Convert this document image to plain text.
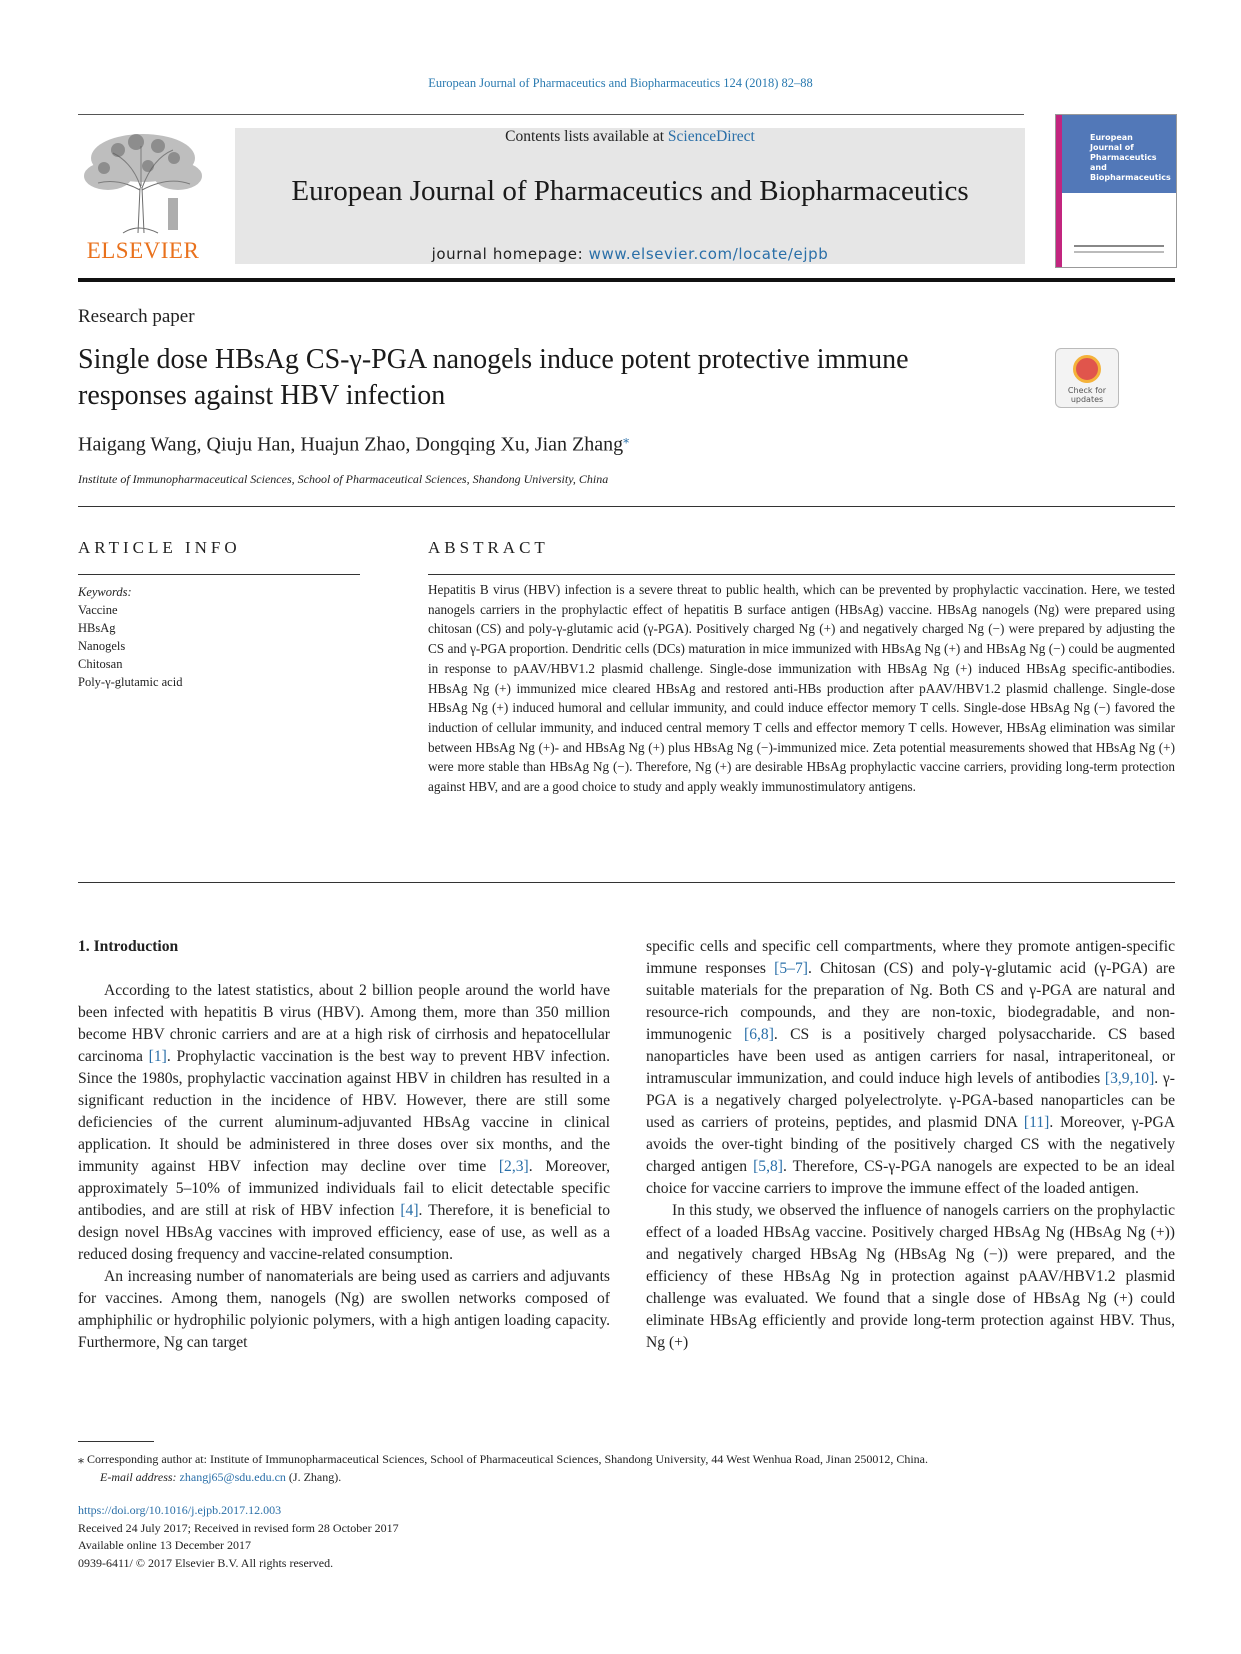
European Journal of Pharmaceutics and Biopharmaceutics 124 (2018) 82–88
ELSEVIER
Contents lists available at ScienceDirect
European Journal of Pharmaceutics and Biopharmaceutics
journal homepage: www.elsevier.com/locate/ejpb
European
Journal of
Pharmaceutics and
Biopharmaceutics
Research paper
Single dose HBsAg CS-γ-PGA nanogels induce potent protective immune
responses against HBV infection	Check for
updates
Haigang Wang, Qiuju Han, Huajun Zhao, Dongqing Xu, Jian Zhang⁎
Institute of Immunopharmaceutical Sciences, School of Pharmaceutical Sciences, Shandong University, China
ARTICLE INFO	ABSTRACT
Keywords:
Vaccine
HBsAg
Nanogels
Chitosan
Poly-γ-glutamic acid
Hepatitis B virus (HBV) infection is a severe threat to public health, which can be prevented by prophylactic vaccination. Here, we tested nanogels carriers in the prophylactic effect of hepatitis B surface antigen (HBsAg) vaccine. HBsAg nanogels (Ng) were prepared using chitosan (CS) and poly-γ-glutamic acid (γ-PGA). Positively charged Ng (+) and negatively charged Ng (−) were prepared by adjusting the CS and γ-PGA proportion. Dendritic cells (DCs) maturation in mice immunized with HBsAg Ng (+) and HBsAg Ng (−) could be augmented in response to pAAV/HBV1.2 plasmid challenge. Single-dose immunization with HBsAg Ng (+) induced HBsAg specific-antibodies. HBsAg Ng (+) immunized mice cleared HBsAg and restored anti-HBs production after pAAV/HBV1.2 plasmid challenge. Single-dose HBsAg Ng (+) induced humoral and cellular immunity, and could induce effector memory T cells. Single-dose HBsAg Ng (−) favored the induction of cellular immunity, and induced central memory T cells and effector memory T cells. However, HBsAg elimination was similar between HBsAg Ng (+)- and HBsAg Ng (+) plus HBsAg Ng (−)-immunized mice. Zeta potential measurements showed that HBsAg Ng (+) were more stable than HBsAg Ng (−). Therefore, Ng (+) are desirable HBsAg prophylactic vaccine carriers, providing long-term protection against HBV, and are a good choice to study and apply weakly immunostimulatory antigens.

1. Introduction

According to the latest statistics, about 2 billion people around the world have been infected with hepatitis B virus (HBV). Among them, more than 350 million become HBV chronic carriers and are at a high risk of cirrhosis and hepatocellular carcinoma [1]. Prophylactic vaccination is the best way to prevent HBV infection. Since the 1980s, prophylactic vaccination against HBV in children has resulted in a significant reduction in the incidence of HBV. However, there are still some deficiencies of the current aluminum-adjuvanted HBsAg vaccine in clinical application. It should be administered in three doses over six months, and the immunity against HBV infection may decline over time [2,3]. Moreover, approximately 5–10% of immunized individuals fail to elicit detectable specific antibodies, and are still at risk of HBV infection [4]. Therefore, it is beneficial to design novel HBsAg vaccines with improved efficiency, ease of use, as well as a reduced dosing frequency and vaccine-related consumption.

An increasing number of nanomaterials are being used as carriers and adjuvants for vaccines. Among them, nanogels (Ng) are swollen networks composed of amphiphilic or hydrophilic polyionic polymers, with a high antigen loading capacity. Furthermore, Ng can target

specific cells and specific cell compartments, where they promote antigen-specific immune responses [5–7]. Chitosan (CS) and poly-γ-glutamic acid (γ-PGA) are suitable materials for the preparation of Ng. Both CS and γ-PGA are natural and resource-rich compounds, and they are non-toxic, biodegradable, and non-immunogenic [6,8]. CS is a positively charged polysaccharide. CS based nanoparticles have been used as antigen carriers for nasal, intraperitoneal, or intramuscular immunization, and could induce high levels of antibodies [3,9,10]. γ-PGA is a negatively charged polyelectrolyte. γ-PGA-based nanoparticles can be used as carriers of proteins, peptides, and plasmid DNA [11]. Moreover, γ-PGA avoids the over-tight binding of the positively charged CS with the negatively charged antigen [5,8]. Therefore, CS-γ-PGA nanogels are expected to be an ideal choice for vaccine carriers to improve the immune effect of the loaded antigen.

In this study, we observed the influence of nanogels carriers on the prophylactic effect of a loaded HBsAg vaccine. Positively charged HBsAg Ng (HBsAg Ng (+)) and negatively charged HBsAg Ng (HBsAg Ng (−)) were prepared, and the efficiency of these HBsAg Ng in protection against pAAV/HBV1.2 plasmid challenge was evaluated. We found that a single dose of HBsAg Ng (+) could eliminate HBsAg efficiently and provide long-term protection against HBV. Thus, Ng (+)

⁎ Corresponding author at: Institute of Immunopharmaceutical Sciences, School of Pharmaceutical Sciences, Shandong University, 44 West Wenhua Road, Jinan 250012, China.
E-mail address: zhangj65@sdu.edu.cn (J. Zhang).
https://doi.org/10.1016/j.ejpb.2017.12.003
Received 24 July 2017; Received in revised form 28 October 2017
Available online 13 December 2017
0939-6411/ © 2017 Elsevier B.V. All rights reserved.
